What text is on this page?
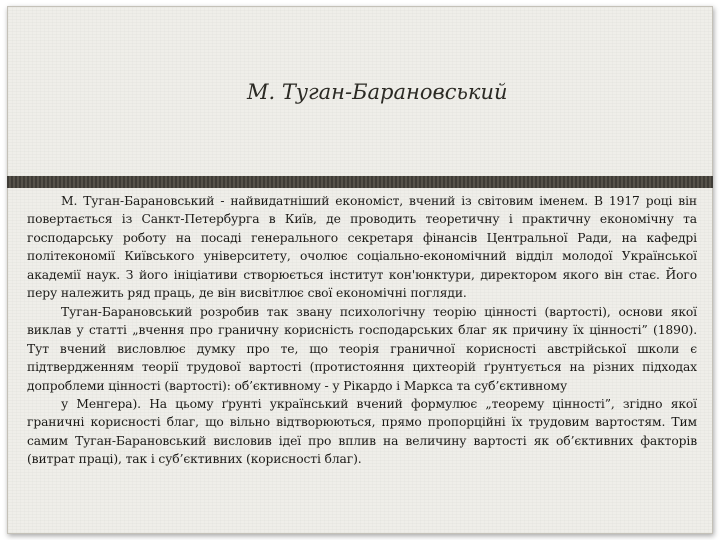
М. Туган-Барановський

М. Туган-Барановський - найвидатніший економіст, вчений із світовим іменем. В 1917 році він повертається із Санкт-Петербурга в Київ, де проводить теоретичну і практичну економічну та господарську роботу на посаді генерального секретаря фінансів Центральної Ради, на кафедрі політекономії Київського університету, очолює соціально-економічний відділ молодої Української академії наук. З його ініціативи створюється інститут кон'юнктури, директором якого він стає. Його перу належить ряд праць, де він висвітлює свої економічні погляди.

Туган-Барановський розробив так звану психологічну теорію цінності (вартості), основи якої виклав у статті „вчення про граничну корисність господарських благ як причину їх цінності” (1890). Тут вчений висловлює думку про те, що теорія граничної корисності австрійської школи є підтвердженням теорії трудової вартості (протистояння цихтеорій ґрунтується на різних підходах допроблеми цінності (вартості): об’єктивному - у Рікардо і Маркса та суб’єктивному

у Менгера). На цьому ґрунті український вчений формулює „теорему цінності”, згідно якої граничні корисності благ, що вільно відтворюються, прямо пропорційні їх трудовим вартостям. Тим самим Туган-Барановський висловив ідеї про вплив на величину вартості як об’єктивних факторів (витрат праці), так і суб’єктивних (корисності благ).
